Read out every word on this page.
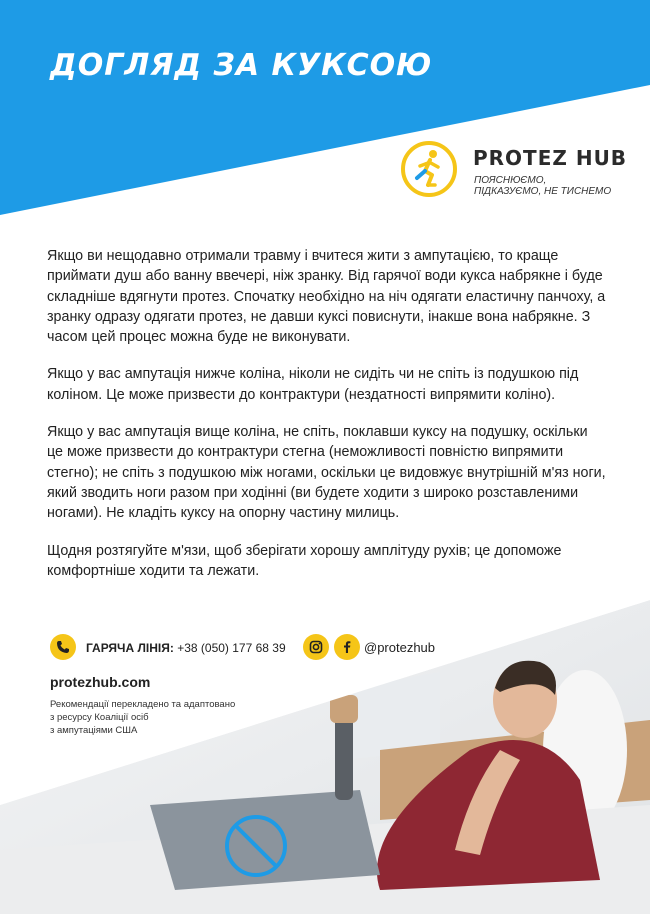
ДОГЛЯД ЗА КУКСОЮ

PROTEZ HUB

ПОЯСНЮЄМО, ПІДКАЗУЄМО, НЕ ТИСНЕМО

Якщо ви нещодавно отримали травму і вчитеся жити з ампутацією, то краще приймати душ або ванну ввечері, ніж зранку. Від гарячої води кукса набрякне і буде складніше вдягнути протез. Спочатку необхідно на ніч одягати еластичну панчоху, а зранку одразу одягати протез, не давши куксі повиснути, інакше вона набрякне. З часом цей процес можна буде не виконувати.

Якщо у вас ампутація нижче коліна, ніколи не сидіть чи не спіть із подушкою під коліном. Це може призвести до контрактури (нездатності випрямити коліно).

Якщо у вас ампутація вище коліна, не спіть, поклавши куксу на подушку, оскільки це може призвести до контрактури стегна (неможливості повністю випрямити стегно); не спіть з подушкою між ногами, оскільки це видовжує внутрішній м'яз ноги, який зводить ноги разом при ходінні (ви будете ходити з широко розставленими ногами). Не кладіть куксу на опорну частину милиць.

Щодня розтягуйте м'язи, щоб зберігати хорошу амплітуду рухів; це допоможе комфортніше ходити та лежати.

ГАРЯЧА ЛІНІЯ: +38 (050) 177 68 39	@protezhub

protezhub.com

Рекомендації перекладено та адаптовано
з ресурсу Коаліції осіб
з ампутаціями США
